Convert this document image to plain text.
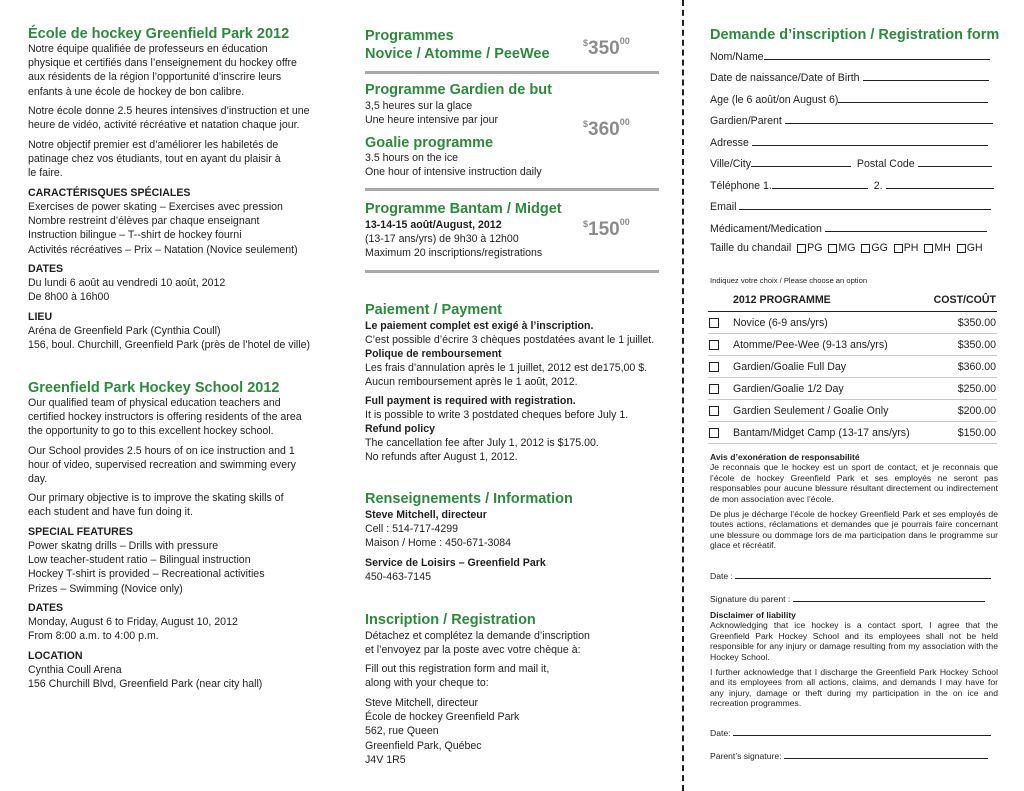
École de hockey Greenfield Park 2012

Notre équipe qualifiée de professeurs en éducation physique et certifiés dans l’enseignement du hockey offre aux résidents de la région l’opportunité d’inscrire leurs enfants à une école de hockey de bon calibre.

Notre école donne 2.5 heures intensives d’instruction et une heure de vidéo, activité récréative et natation chaque jour.

Notre objectif premier est d’améliorer les habiletés de patinage chez vos étudiants, tout en ayant du plaisir à le faire.

CARACTÉRISQUES SPÉCIALES

Exercises de power skating – Exercises avec pression

Nombre restreint d’élèves par chaque enseignant

Instruction bilingue – T--shirt de hockey fourni

Activités récréatives – Prix – Natation (Novice seulement)

DATES

Du lundi 6 août au vendredi 10 août, 2012

De 8h00 à 16h00

LIEU

Aréna de Greenfield Park (Cynthia Coull)

156, boul. Churchill, Greenfield Park (près de l’hotel de ville)

Greenfield Park Hockey School 2012

Our qualified team of physical education teachers and certified hockey instructors is offering residents of the area the opportunity to go to this excellent hockey school.

Our School provides 2.5 hours of on ice instruction and 1 hour of video, supervised recreation and swimming every day.

Our primary objective is to improve the skating skills of each student and have fun doing it.

SPECIAL FEATURES

Power skatng drills – Drills with pressure

Low teacher-student ratio – Bilingual instruction

Hockey T-shirt is provided – Recreational activities

Prizes – Swimming (Novice only)

DATES

Monday, August 6 to Friday, August 10, 2012

From 8:00 a.m. to 4:00 p.m.

LOCATION

Cynthia Coull Arena

156 Churchill Blvd, Greenfield Park (near city hall)

Programmes
Novice / Atomme / PeeWee
$^{\$}350^{00}$
Programme Gardien de but

3,5 heures sur la glace

Une heure intensive par jour	$^{\$}360^{00}$
Goalie programme

3.5 hours on the ice

One hour of intensive instruction daily

Programme Bantam / Midget

13-14-15 août/August, 2012

(13-17 ans/yrs) de 9h30 à 12h00

Maximum 20 inscriptions/registrations

$^{\$}150^{00}$
Paiement / Payment

Le paiement complet est exigé à l’inscription.

C’est possible d’écrire 3 chèques postdatées avant le 1 juillet.

Polique de remboursement

Les frais d’annulation après le 1 juillet, 2012 est de175,00 $.

Aucun remboursement après le 1 août, 2012.

Full payment is required with registration.

It is possible to write 3 postdated cheques before July 1.

Refund policy

The cancellation fee after July 1, 2012 is $175.00.

No refunds after August 1, 2012.

Renseignements / Information

Steve Mitchell, directeur

Cell : 514-717-4299

Maison / Home : 450-671-3084

Service de Loisirs – Greenfield Park

450-463-7145

Inscription / Registration

Détachez et complétez la demande d’inscription

et l’envoyez par la poste avec votre chèque à:

Fill out this registration form and mail it,

along with your cheque to:

Steve Mitchell, directeur

École de hockey Greenfield Park

562, rue Queen

Greenfield Park, Québec

J4V 1R5

Demande d’inscription / Registration form
Nom/Name
Date de naissance/Date of Birth
Age (le 6 août/on August 6)
Gardien/Parent
Adresse
Ville/City	Postal Code
Téléphone 1.	2.
Email
Médicament/Medication
Taille du chandail PG MG GG PH MH GH
Indiquez votre choix / Please choose an option
	2012 PROGRAMME	COST/COÛT
	Novice (6-9 ans/yrs)	$350.00
	Atomme/Pee-Wee (9-13 ans/yrs)	$350.00
	Gardien/Goalie Full Day	$360.00
	Gardien/Goalie 1/2 Day	$250.00
	Gardien Seulement / Goalie Only	$200.00
	Bantam/Midget Camp (13-17 ans/yrs)	$150.00

Avis d’exonération de responsabilité

Je reconnais que le hockey est un sport de contact, et je reconnais que l’école de hockey Greenfield Park et ses employés ne seront pas responsables pour aucune blessure résultant directement ou indirectement de mon association avec l’école.

De plus je décharge l’école de hockey Greenfield Park et ses employés de toutes actions, réclamations et demandes que je pourrais faire concernant une blessure ou dommage lors de ma participation dans le programme sur glace et récréatif.

Date :
Signature du parent :

Disclaimer of liability

Acknowledging that ice hockey is a contact sport, I agree that the Greenfield Park Hockey School and its employees shall not be held responsible for any injury or damage resulting from my association with the Hockey School.

I further acknowledge that I discharge the Greenfield Park Hockey School and its employees from all actions, claims, and demands I may have for any injury, damage or theft during my participation in the on ice and recreation programmes.

Date:
Parent’s signature:
